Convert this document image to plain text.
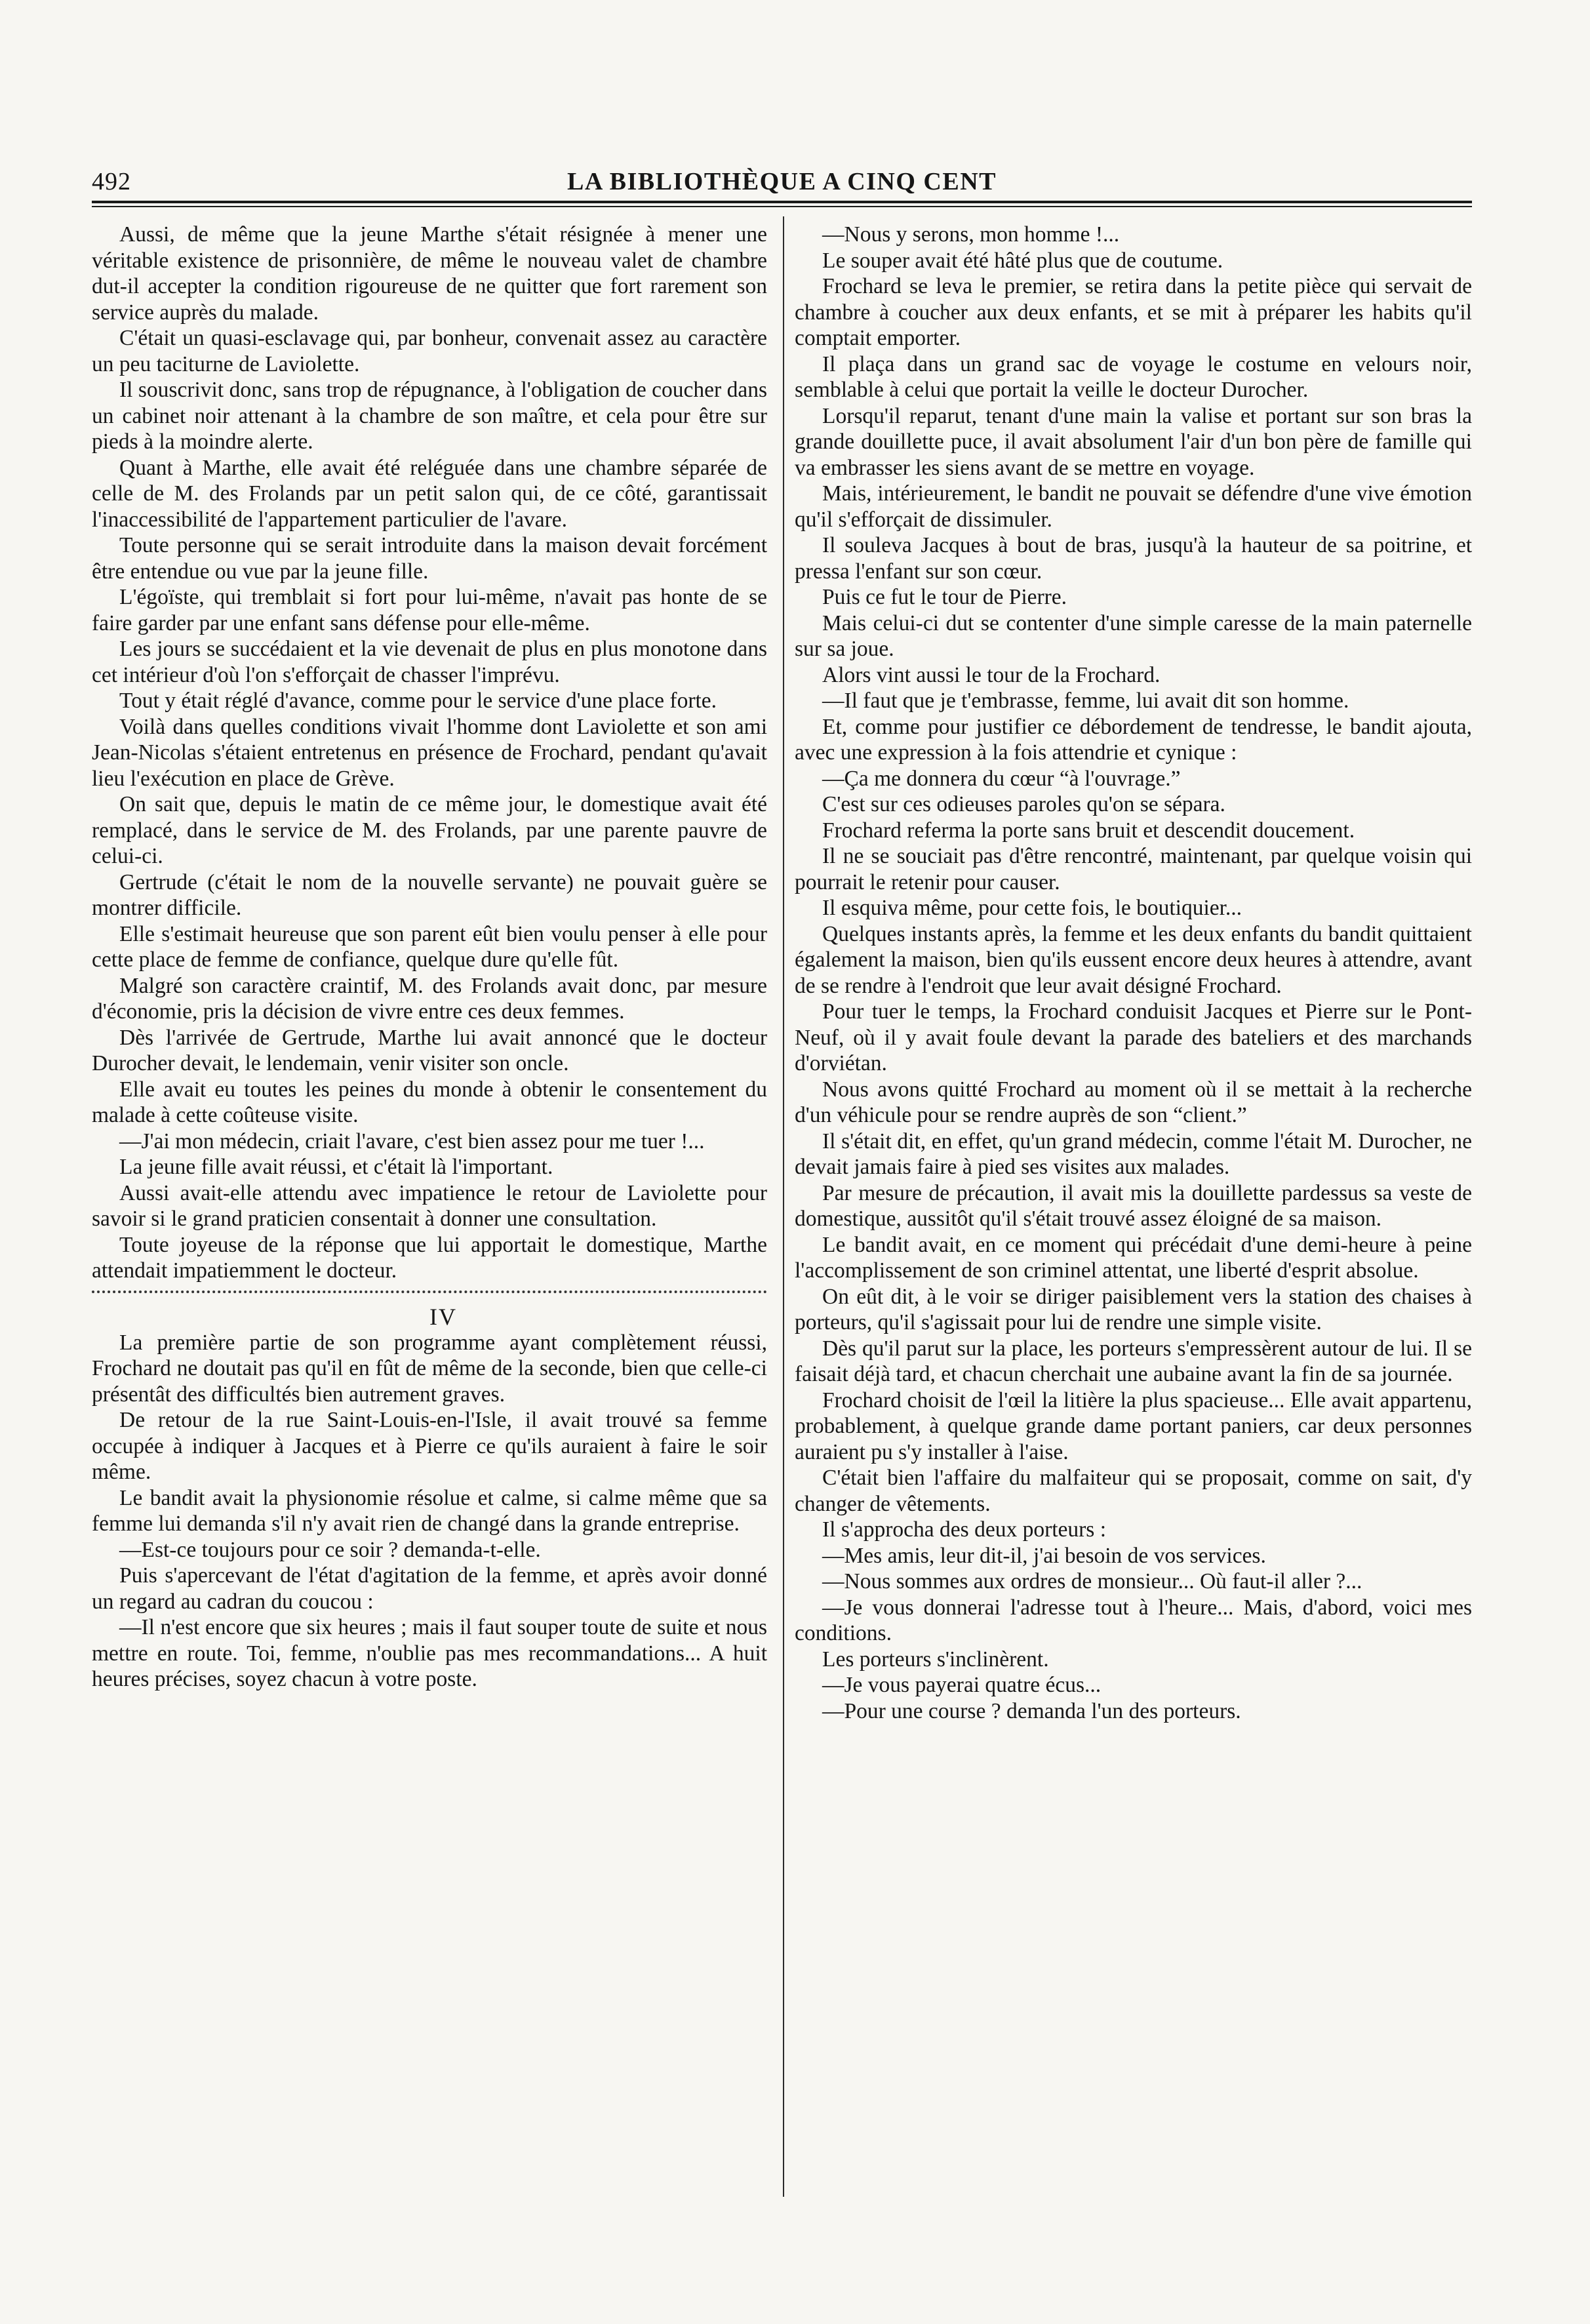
492	LA BIBLIOTHÈQUE A CINQ CENT

Aussi, de même que la jeune Marthe s'était résignée à mener une véritable existence de prisonnière, de même le nouveau valet de chambre dut-il accepter la condition rigoureuse de ne quitter que fort rarement son service auprès du malade.

C'était un quasi-esclavage qui, par bonheur, convenait assez au caractère un peu taciturne de Laviolette.

Il souscrivit donc, sans trop de répugnance, à l'obligation de coucher dans un cabinet noir attenant à la chambre de son maître, et cela pour être sur pieds à la moindre alerte.

Quant à Marthe, elle avait été reléguée dans une chambre séparée de celle de M. des Frolands par un petit salon qui, de ce côté, garantissait l'inaccessibilité de l'appartement particulier de l'avare.

Toute personne qui se serait introduite dans la maison devait forcément être entendue ou vue par la jeune fille.

L'égoïste, qui tremblait si fort pour lui-même, n'avait pas honte de se faire garder par une enfant sans défense pour elle-même.

Les jours se succédaient et la vie devenait de plus en plus monotone dans cet intérieur d'où l'on s'efforçait de chasser l'imprévu.

Tout y était réglé d'avance, comme pour le service d'une place forte.

Voilà dans quelles conditions vivait l'homme dont Laviolette et son ami Jean-Nicolas s'étaient entretenus en présence de Frochard, pendant qu'avait lieu l'exécution en place de Grève.

On sait que, depuis le matin de ce même jour, le domestique avait été remplacé, dans le service de M. des Frolands, par une parente pauvre de celui-ci.

Gertrude (c'était le nom de la nouvelle servante) ne pouvait guère se montrer difficile.

Elle s'estimait heureuse que son parent eût bien voulu penser à elle pour cette place de femme de confiance, quelque dure qu'elle fût.

Malgré son caractère craintif, M. des Frolands avait donc, par mesure d'économie, pris la décision de vivre entre ces deux femmes.

Dès l'arrivée de Gertrude, Marthe lui avait annoncé que le docteur Durocher devait, le lendemain, venir visiter son oncle.

Elle avait eu toutes les peines du monde à obtenir le consentement du malade à cette coûteuse visite.

—J'ai mon médecin, criait l'avare, c'est bien assez pour me tuer !...

La jeune fille avait réussi, et c'était là l'important.

Aussi avait-elle attendu avec impatience le retour de Laviolette pour savoir si le grand praticien consentait à donner une consultation.

Toute joyeuse de la réponse que lui apportait le domestique, Marthe attendait impatiemment le docteur.

IV

La première partie de son programme ayant complètement réussi, Frochard ne doutait pas qu'il en fût de même de la seconde, bien que celle-ci présentât des difficultés bien autrement graves.

De retour de la rue Saint-Louis-en-l'Isle, il avait trouvé sa femme occupée à indiquer à Jacques et à Pierre ce qu'ils auraient à faire le soir même.

Le bandit avait la physionomie résolue et calme, si calme même que sa femme lui demanda s'il n'y avait rien de changé dans la grande entreprise.

—Est-ce toujours pour ce soir ? demanda-t-elle.

Puis s'apercevant de l'état d'agitation de la femme, et après avoir donné un regard au cadran du coucou :

—Il n'est encore que six heures ; mais il faut souper toute de suite et nous mettre en route. Toi, femme, n'oublie pas mes recommandations... A huit heures précises, soyez chacun à votre poste.

—Nous y serons, mon homme !...

Le souper avait été hâté plus que de coutume.

Frochard se leva le premier, se retira dans la petite pièce qui servait de chambre à coucher aux deux enfants, et se mit à préparer les habits qu'il comptait emporter.

Il plaça dans un grand sac de voyage le costume en velours noir, semblable à celui que portait la veille le docteur Durocher.

Lorsqu'il reparut, tenant d'une main la valise et portant sur son bras la grande douillette puce, il avait absolument l'air d'un bon père de famille qui va embrasser les siens avant de se mettre en voyage.

Mais, intérieurement, le bandit ne pouvait se défendre d'une vive émotion qu'il s'efforçait de dissimuler.

Il souleva Jacques à bout de bras, jusqu'à la hauteur de sa poitrine, et pressa l'enfant sur son cœur.

Puis ce fut le tour de Pierre.

Mais celui-ci dut se contenter d'une simple caresse de la main paternelle sur sa joue.

Alors vint aussi le tour de la Frochard.

—Il faut que je t'embrasse, femme, lui avait dit son homme.

Et, comme pour justifier ce débordement de tendresse, le bandit ajouta, avec une expression à la fois attendrie et cynique :

—Ça me donnera du cœur “à l'ouvrage.”

C'est sur ces odieuses paroles qu'on se sépara.

Frochard referma la porte sans bruit et descendit doucement.

Il ne se souciait pas d'être rencontré, maintenant, par quelque voisin qui pourrait le retenir pour causer.

Il esquiva même, pour cette fois, le boutiquier...

Quelques instants après, la femme et les deux enfants du bandit quittaient également la maison, bien qu'ils eussent encore deux heures à attendre, avant de se rendre à l'endroit que leur avait désigné Frochard.

Pour tuer le temps, la Frochard conduisit Jacques et Pierre sur le Pont-Neuf, où il y avait foule devant la parade des bateliers et des marchands d'orviétan.

Nous avons quitté Frochard au moment où il se mettait à la recherche d'un véhicule pour se rendre auprès de son “client.”

Il s'était dit, en effet, qu'un grand médecin, comme l'était M. Durocher, ne devait jamais faire à pied ses visites aux malades.

Par mesure de précaution, il avait mis la douillette pardessus sa veste de domestique, aussitôt qu'il s'était trouvé assez éloigné de sa maison.

Le bandit avait, en ce moment qui précédait d'une demi-heure à peine l'accomplissement de son criminel attentat, une liberté d'esprit absolue.

On eût dit, à le voir se diriger paisiblement vers la station des chaises à porteurs, qu'il s'agissait pour lui de rendre une simple visite.

Dès qu'il parut sur la place, les porteurs s'empressèrent autour de lui. Il se faisait déjà tard, et chacun cherchait une aubaine avant la fin de sa journée.

Frochard choisit de l'œil la litière la plus spacieuse... Elle avait appartenu, probablement, à quelque grande dame portant paniers, car deux personnes auraient pu s'y installer à l'aise.

C'était bien l'affaire du malfaiteur qui se proposait, comme on sait, d'y changer de vêtements.

Il s'approcha des deux porteurs :

—Mes amis, leur dit-il, j'ai besoin de vos services.

—Nous sommes aux ordres de monsieur... Où faut-il aller ?...

—Je vous donnerai l'adresse tout à l'heure... Mais, d'abord, voici mes conditions.

Les porteurs s'inclinèrent.

—Je vous payerai quatre écus...

—Pour une course ? demanda l'un des porteurs.
